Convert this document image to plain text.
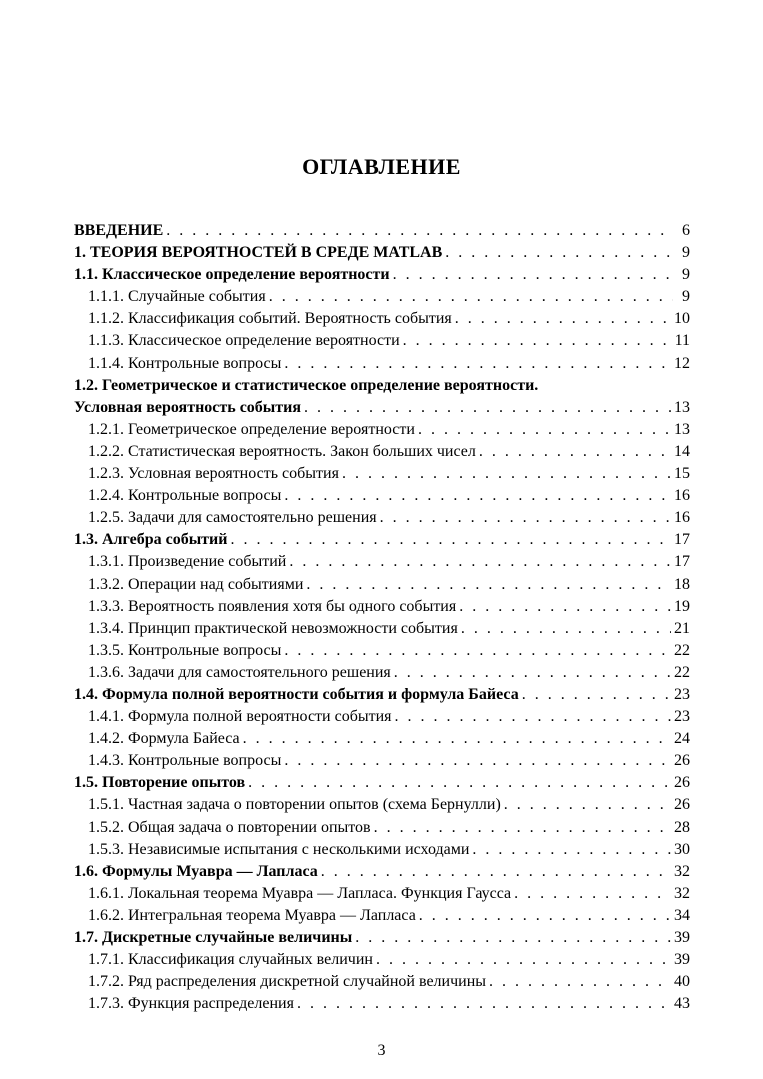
ОГЛАВЛЕНИЕ
ВВЕДЕНИЕ . . .	6
1. ТЕОРИЯ ВЕРОЯТНОСТЕЙ В СРЕДЕ MATLAB . . .	9
1.1. Классическое определение вероятности . . .	9
1.1.1. Случайные события . . .	9
1.1.2. Классификация событий. Вероятность события . . .	10
1.1.3. Классическое определение вероятности . . .	11
1.1.4. Контрольные вопросы . . .	12
1.2. Геометрическое и статистическое определение вероятности.
Условная вероятность события . . .	13
1.2.1. Геометрическое определение вероятности . . .	13
1.2.2. Статистическая вероятность. Закон больших чисел . . .	14
1.2.3. Условная вероятность события . . .	15
1.2.4. Контрольные вопросы . . .	16
1.2.5. Задачи для самостоятельно решения . . .	16
1.3. Алгебра событий . . .	17
1.3.1. Произведение событий . . .	17
1.3.2. Операции над событиями . . .	18
1.3.3. Вероятность появления хотя бы одного события . . .	19
1.3.4. Принцип практической невозможности события . . .	21
1.3.5. Контрольные вопросы . . .	22
1.3.6. Задачи для самостоятельного решения . . .	22
1.4. Формула полной вероятности события и формула Байеса . . .	23
1.4.1. Формула полной вероятности события . . .	23
1.4.2. Формула Байеса . . .	24
1.4.3. Контрольные вопросы . . .	26
1.5. Повторение опытов . . .	26
1.5.1. Частная задача о повторении опытов (схема Бернулли) . . .	26
1.5.2. Общая задача о повторении опытов . . .	28
1.5.3. Независимые испытания с несколькими исходами . . .	30
1.6. Формулы Муавра — Лапласа . . .	32
1.6.1. Локальная теорема Муавра — Лапласа. Функция Гаусса . . .	32
1.6.2. Интегральная теорема Муавра — Лапласа . . .	34
1.7. Дискретные случайные величины . . .	39
1.7.1. Классификация случайных величин . . .	39
1.7.2. Ряд распределения дискретной случайной величины . . .	40
1.7.3. Функция распределения . . .	43
3
